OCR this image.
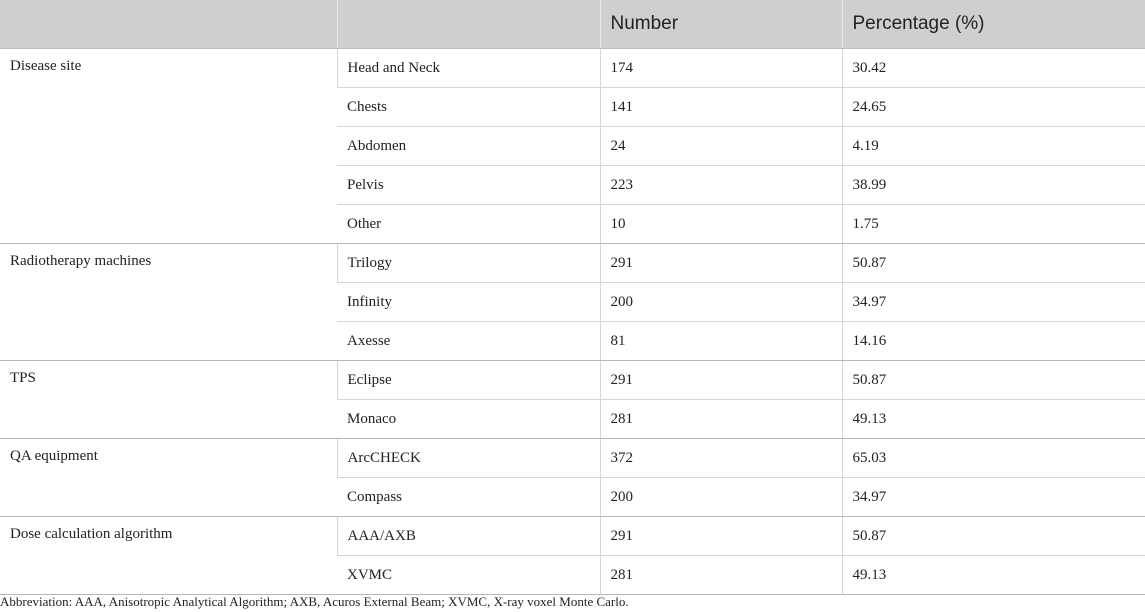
		Number	Percentage (%)
Disease site	Head and Neck	174	30.42
	Chests	141	24.65
	Abdomen	24	4.19
	Pelvis	223	38.99
	Other	10	1.75
Radiotherapy machines	Trilogy	291	50.87
	Infinity	200	34.97
	Axesse	81	14.16
TPS	Eclipse	291	50.87
	Monaco	281	49.13
QA equipment	ArcCHECK	372	65.03
	Compass	200	34.97
Dose calculation algorithm	AAA/AXB	291	50.87
	XVMC	281	49.13
Abbreviation: AAA, Anisotropic Analytical Algorithm; AXB, Acuros External Beam; XVMC, X-ray voxel Monte Carlo.
